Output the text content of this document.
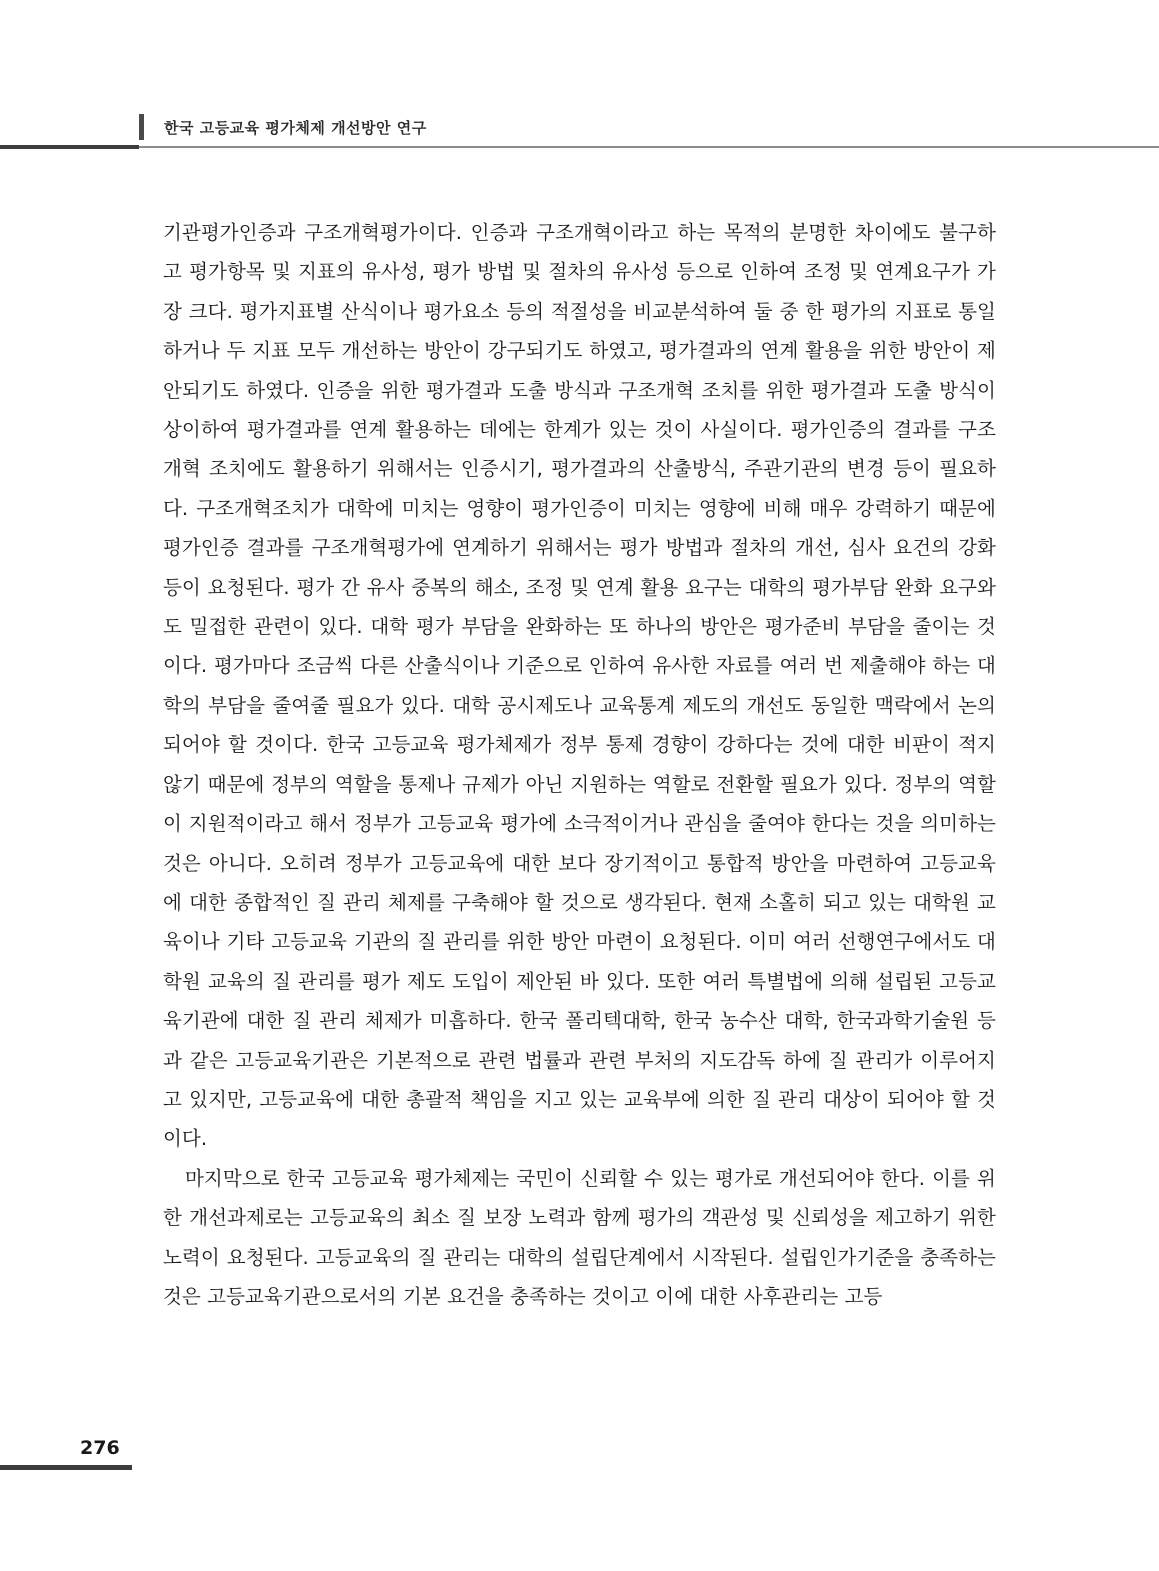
한국 고등교육 평가체제 개선방안 연구

기관평가인증과 구조개혁평가이다. 인증과 구조개혁이라고 하는 목적의 분명한 차이에도 불구하고 평가항목 및 지표의 유사성, 평가 방법 및 절차의 유사성 등으로 인하여 조정 및 연계요구가 가장 크다. 평가지표별 산식이나 평가요소 등의 적절성을 비교분석하여 둘 중 한 평가의 지표로 통일하거나 두 지표 모두 개선하는 방안이 강구되기도 하였고, 평가결과의 연계 활용을 위한 방안이 제안되기도 하였다. 인증을 위한 평가결과 도출 방식과 구조개혁 조치를 위한 평가결과 도출 방식이 상이하여 평가결과를 연계 활용하는 데에는 한계가 있는 것이 사실이다. 평가인증의 결과를 구조개혁 조치에도 활용하기 위해서는 인증시기, 평가결과의 산출방식, 주관기관의 변경 등이 필요하다. 구조개혁조치가 대학에 미치는 영향이 평가인증이 미치는 영향에 비해 매우 강력하기 때문에 평가인증 결과를 구조개혁평가에 연계하기 위해서는 평가 방법과 절차의 개선, 심사 요건의 강화 등이 요청된다. 평가 간 유사 중복의 해소, 조정 및 연계 활용 요구는 대학의 평가부담 완화 요구와도 밀접한 관련이 있다. 대학 평가 부담을 완화하는 또 하나의 방안은 평가준비 부담을 줄이는 것이다. 평가마다 조금씩 다른 산출식이나 기준으로 인하여 유사한 자료를 여러 번 제출해야 하는 대학의 부담을 줄여줄 필요가 있다. 대학 공시제도나 교육통계 제도의 개선도 동일한 맥락에서 논의되어야 할 것이다. 한국 고등교육 평가체제가 정부 통제 경향이 강하다는 것에 대한 비판이 적지 않기 때문에 정부의 역할을 통제나 규제가 아닌 지원하는 역할로 전환할 필요가 있다. 정부의 역할이 지원적이라고 해서 정부가 고등교육 평가에 소극적이거나 관심을 줄여야 한다는 것을 의미하는 것은 아니다. 오히려 정부가 고등교육에 대한 보다 장기적이고 통합적 방안을 마련하여 고등교육에 대한 종합적인 질 관리 체제를 구축해야 할 것으로 생각된다. 현재 소홀히 되고 있는 대학원 교육이나 기타 고등교육 기관의 질 관리를 위한 방안 마련이 요청된다. 이미 여러 선행연구에서도 대학원 교육의 질 관리를 평가 제도 도입이 제안된 바 있다. 또한 여러 특별법에 의해 설립된 고등교육기관에 대한 질 관리 체제가 미흡하다. 한국 폴리텍대학, 한국 농수산 대학, 한국과학기술원 등과 같은 고등교육기관은 기본적으로 관련 법률과 관련 부처의 지도감독 하에 질 관리가 이루어지고 있지만, 고등교육에 대한 총괄적 책임을 지고 있는 교육부에 의한 질 관리 대상이 되어야 할 것이다.

마지막으로 한국 고등교육 평가체제는 국민이 신뢰할 수 있는 평가로 개선되어야 한다. 이를 위한 개선과제로는 고등교육의 최소 질 보장 노력과 함께 평가의 객관성 및 신뢰성을 제고하기 위한 노력이 요청된다. 고등교육의 질 관리는 대학의 설립단계에서 시작된다. 설립인가기준을 충족하는 것은 고등교육기관으로서의 기본 요건을 충족하는 것이고 이에 대한 사후관리는 고등

276
